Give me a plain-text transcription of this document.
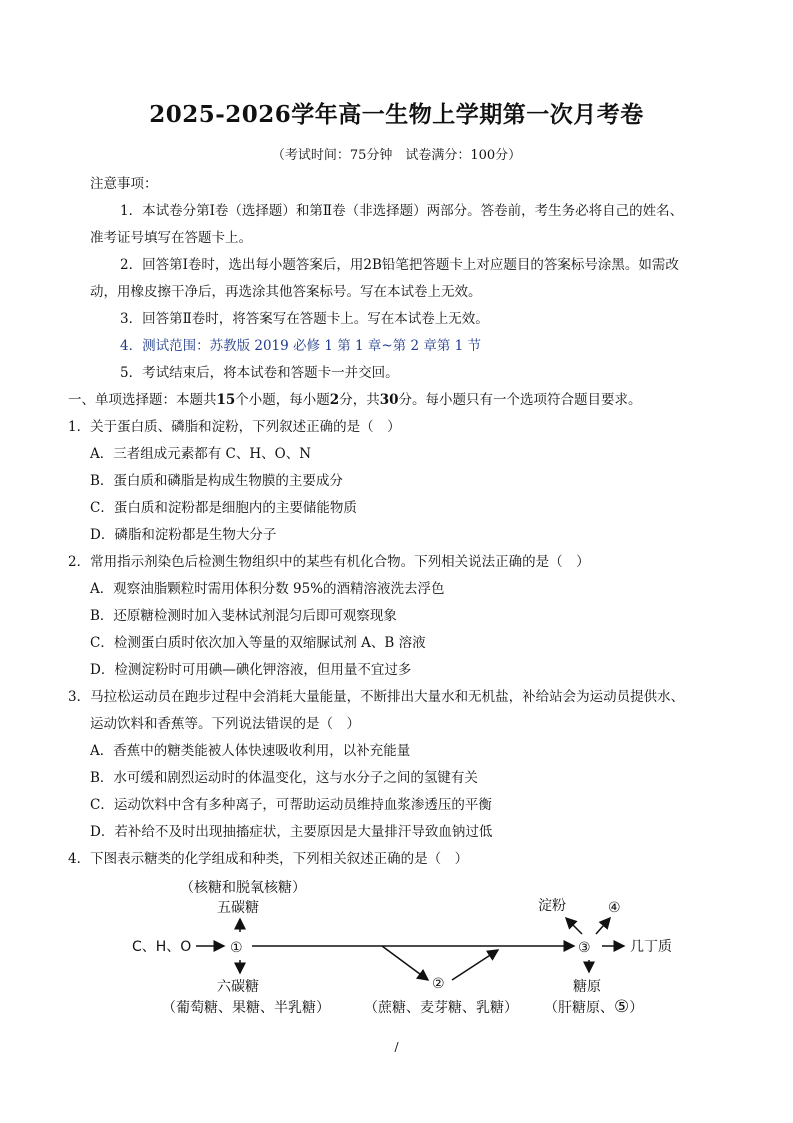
2025-2026学年高一生物上学期第一次月考卷
（考试时间：75分钟　试卷满分：100分）
注意事项：
1．本试卷分第Ⅰ卷（选择题）和第Ⅱ卷（非选择题）两部分。答卷前，考生务必将自己的姓名、
准考证号填写在答题卡上。
2．回答第Ⅰ卷时，选出每小题答案后，用2B铅笔把答题卡上对应题目的答案标号涂黑。如需改
动，用橡皮擦干净后，再选涂其他答案标号。写在本试卷上无效。
3．回答第Ⅱ卷时，将答案写在答题卡上。写在本试卷上无效。
4．测试范围：苏教版 2019 必修 1 第 1 章~第 2 章第 1 节
5．考试结束后，将本试卷和答题卡一并交回。
一、单项选择题：本题共15个小题，每小题2分，共30分。每小题只有一个选项符合题目要求。
1．关于蛋白质、磷脂和淀粉，下列叙述正确的是（　）
A．三者组成元素都有 C、H、O、N
B．蛋白质和磷脂是构成生物膜的主要成分
C．蛋白质和淀粉都是细胞内的主要储能物质
D．磷脂和淀粉都是生物大分子
2．常用指示剂染色后检测生物组织中的某些有机化合物。下列相关说法正确的是（　）
A．观察油脂颗粒时需用体积分数 95%的酒精溶液洗去浮色
B．还原糖检测时加入斐林试剂混匀后即可观察现象
C．检测蛋白质时依次加入等量的双缩脲试剂 A、B 溶液
D．检测淀粉时可用碘—碘化钾溶液，但用量不宜过多
3．马拉松运动员在跑步过程中会消耗大量能量，不断排出大量水和无机盐，补给站会为运动员提供水、
运动饮料和香蕉等。下列说法错误的是（　）
A．香蕉中的糖类能被人体快速吸收利用，以补充能量
B．水可缓和剧烈运动时的体温变化，这与水分子之间的氢键有关
C．运动饮料中含有多种离子，可帮助运动员维持血浆渗透压的平衡
D．若补给不及时出现抽搐症状，主要原因是大量排汗导致血钠过低
4．下图表示糖类的化学组成和种类，下列相关叙述正确的是（　）
（核糖和脱氧核糖）
五碳糖
C、H、O	①
六碳糖
（葡萄糖、果糖、半乳糖）
②
（蔗糖、麦芽糖、乳糖）
③
淀粉	④
几丁质
糖原
（肝糖原、⑤）
/
